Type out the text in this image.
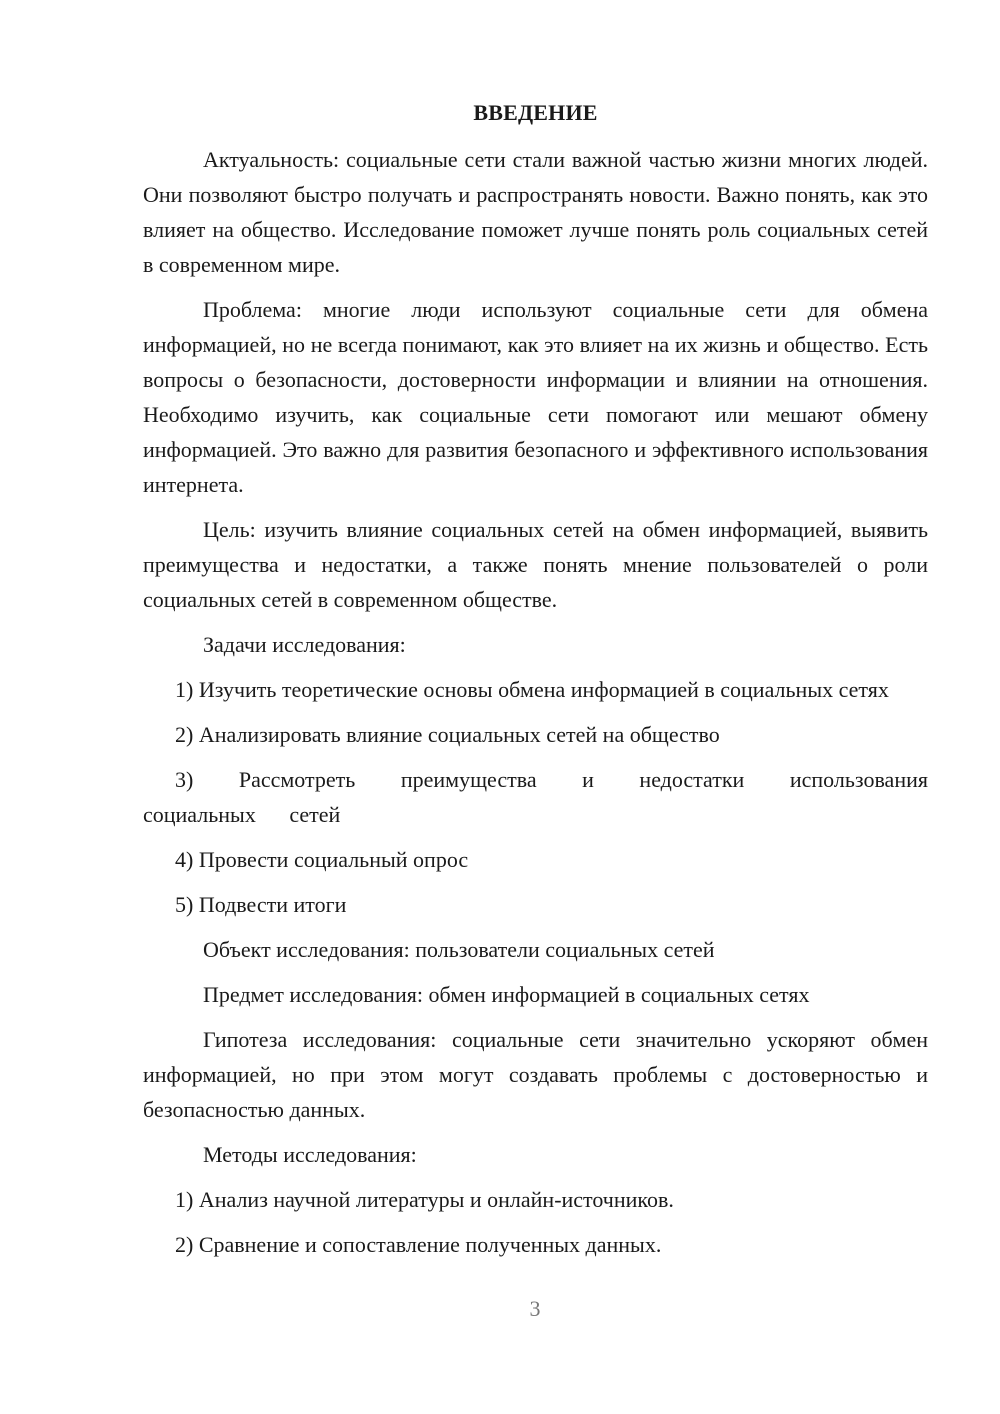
ВВЕДЕНИЕ

Актуальность: социальные сети стали важной частью жизни многих людей. Они позволяют быстро получать и распространять новости. Важно понять, как это влияет на общество. Исследование поможет лучше понять роль социальных сетей в современном мире.

Проблема: многие люди используют социальные сети для обмена информацией, но не всегда понимают, как это влияет на их жизнь и общество. Есть вопросы о безопасности, достоверности информации и влиянии на отношения. Необходимо изучить, как социальные сети помогают или мешают обмену информацией. Это важно для развития безопасного и эффективного использования интернета.

Цель: изучить влияние социальных сетей на обмен информацией, выявить преимущества и недостатки, а также понять мнение пользователей о роли социальных сетей в современном обществе.

Задачи исследования:

1) Изучить теоретические основы обмена информацией в социальных сетях

2) Анализировать влияние социальных сетей на общество

3) Рассмотреть преимущества и недостатки использования социальных сетей

4) Провести социальный опрос

5) Подвести итоги

Объект исследования: пользователи социальных сетей

Предмет исследования: обмен информацией в социальных сетях

Гипотеза исследования: социальные сети значительно ускоряют обмен информацией, но при этом могут создавать проблемы с достоверностью и безопасностью данных.

Методы исследования:

1) Анализ научной литературы и онлайн-источников.

2) Сравнение и сопоставление полученных данных.

3
